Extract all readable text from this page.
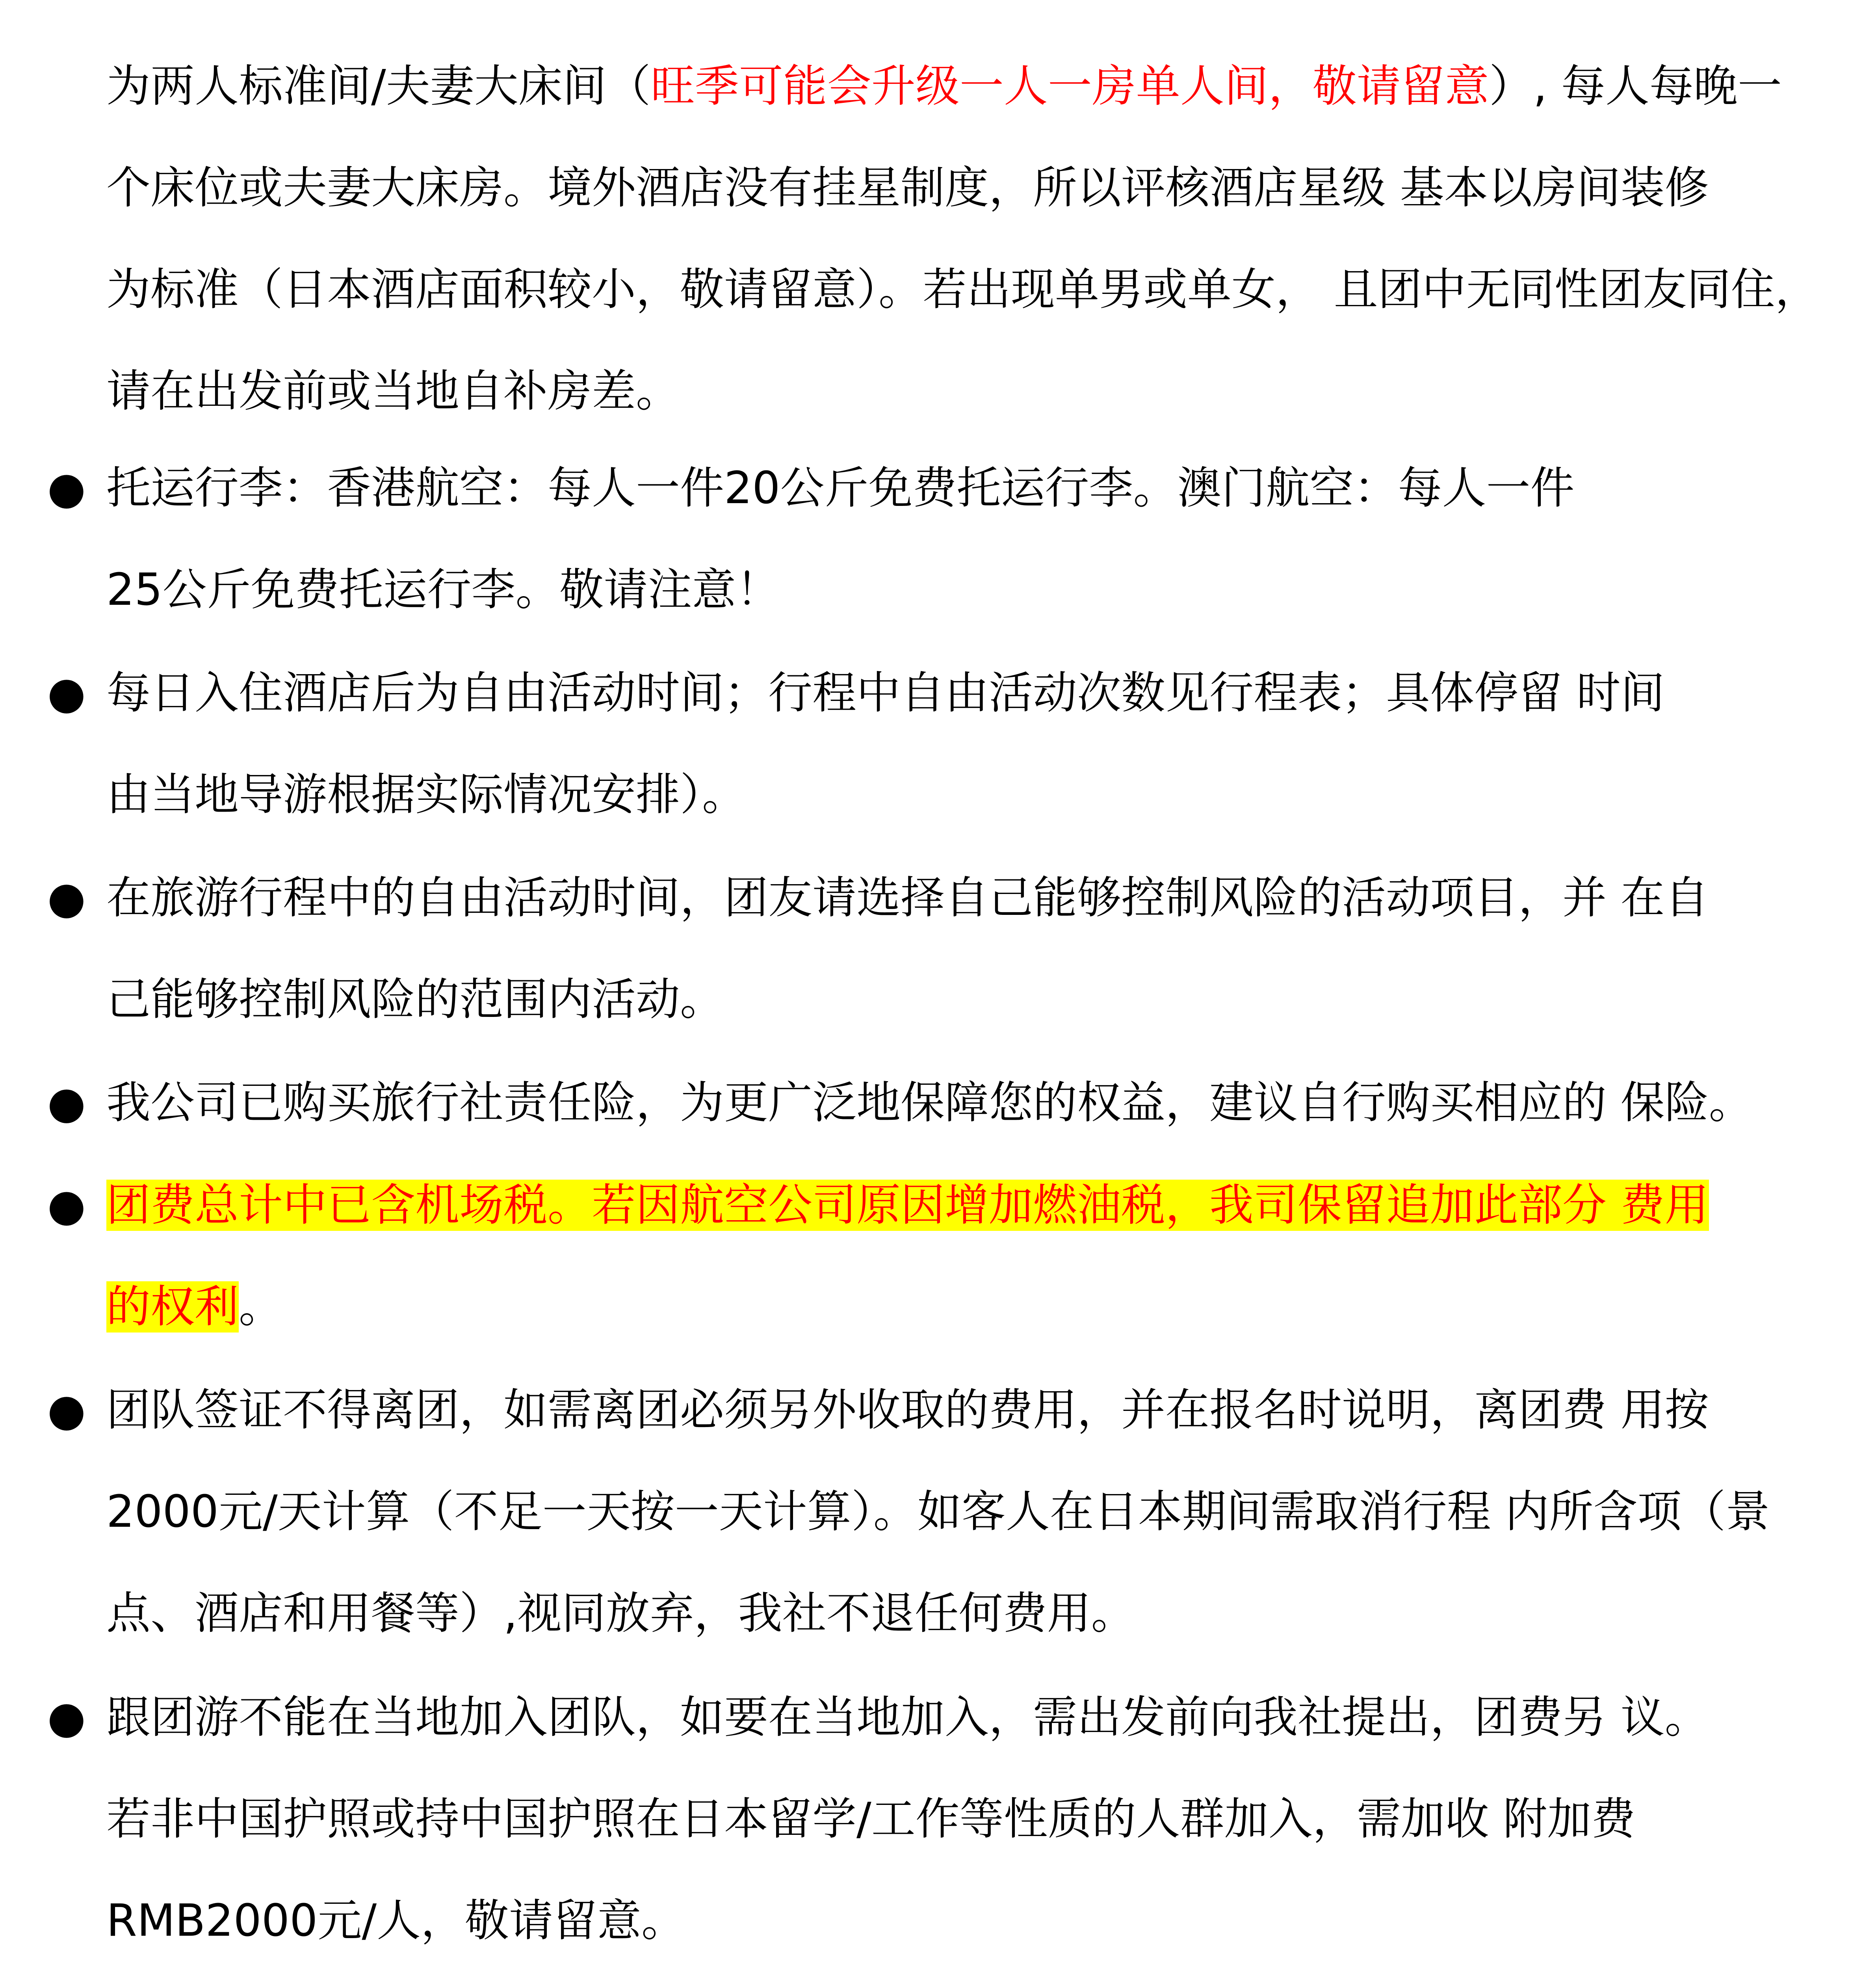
为两人标准间/夫妻大床间（旺季可能会升级一人一房单人间，敬请留意）, 每人每晚一
个床位或夫妻大床房。境外酒店没有挂星制度，所以评核酒店星级 基本以房间装修
为标准（日本酒店面积较小，敬请留意）。若出现单男或单女， 且团中无同性团友同住，
请在出发前或当地自补房差。
● 托运行李：香港航空：每人一件20公斤免费托运行李。澳门航空：每人一件
25公斤免费托运行李。敬请注意！
● 每日入住酒店后为自由活动时间；行程中自由活动次数见行程表；具体停留 时间
由当地导游根据实际情况安排）。
● 在旅游行程中的自由活动时间，团友请选择自己能够控制风险的活动项目，并 在自
己能够控制风险的范围内活动。
● 我公司已购买旅行社责任险，为更广泛地保障您的权益，建议自行购买相应的 保险。
● 团费总计中已含机场税。若因航空公司原因增加燃油税，我司保留追加此部分 费用
的权利。
● 团队签证不得离团，如需离团必须另外收取的费用，并在报名时说明，离团费 用按
2000元/天计算（不足一天按一天计算）。如客人在日本期间需取消行程 内所含项（景
点、酒店和用餐等）,视同放弃，我社不退任何费用。
● 跟团游不能在当地加入团队，如要在当地加入，需出发前向我社提出，团费另 议。
若非中国护照或持中国护照在日本留学/工作等性质的人群加入，需加收 附加费
RMB2000元/人，敬请留意。
